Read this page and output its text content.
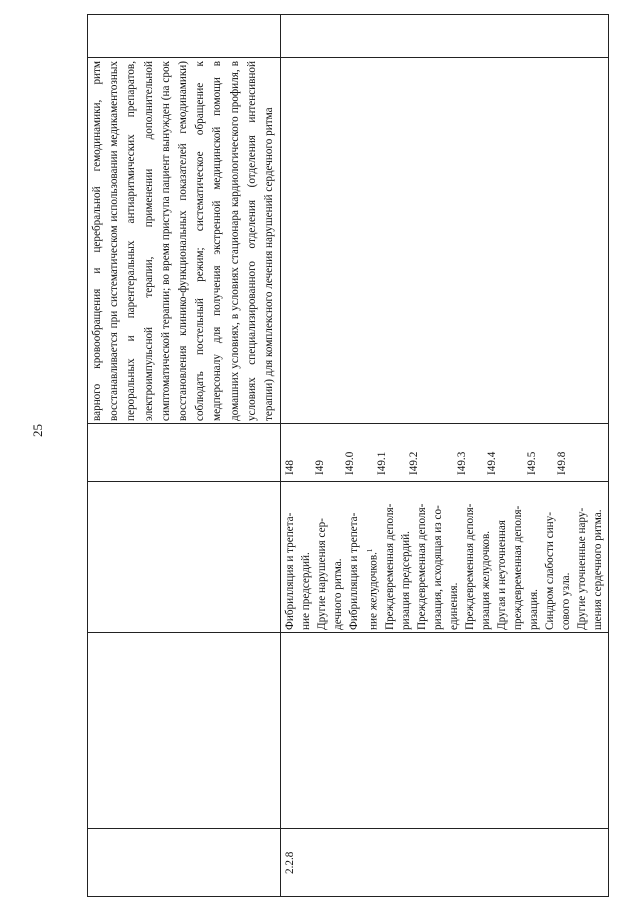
25
варного кровообращения и церебральной гемодинамики, ритм восстанавливается при систематическом использовании медикаментозных пероральных и парентеральных антиаритмических препаратов, электроимпульсной терапии, применении дополнительной симптоматической терапии; во время приступа пациент вынужден (на срок восстановления клинико-функциональных показателей гемодинамики) соблюдать постельный режим; систематическое обращение к медперсоналу для получения экстренной медицинской помощи в домашних условиях, в условиях стационара кардиологического профиля, в условиях специализированного отделения (отделения интенсивной терапии) для комплексного лечения нарушений сердечного ритма
2.2.8
Фибрилляция и трепета- ние предсердий. Другие нарушения сер- дечного ритма. Фибрилляция и трепета- ние желудочков.$^1$ Преждевременная деполя- ризация предсердий. Преждевременная деполя- ризация, исходящая из со- единения. Преждевременная деполя- ризация желудочков. Другая и неуточненная преждевременная деполя- ризация. Синдром слабости сину- сового узла. Другие уточненные нару- шения сердечного ритма.
I48 I49 I49.0 I49.1 I49.2	I49.3 I49.4	I49.5 I49.8
